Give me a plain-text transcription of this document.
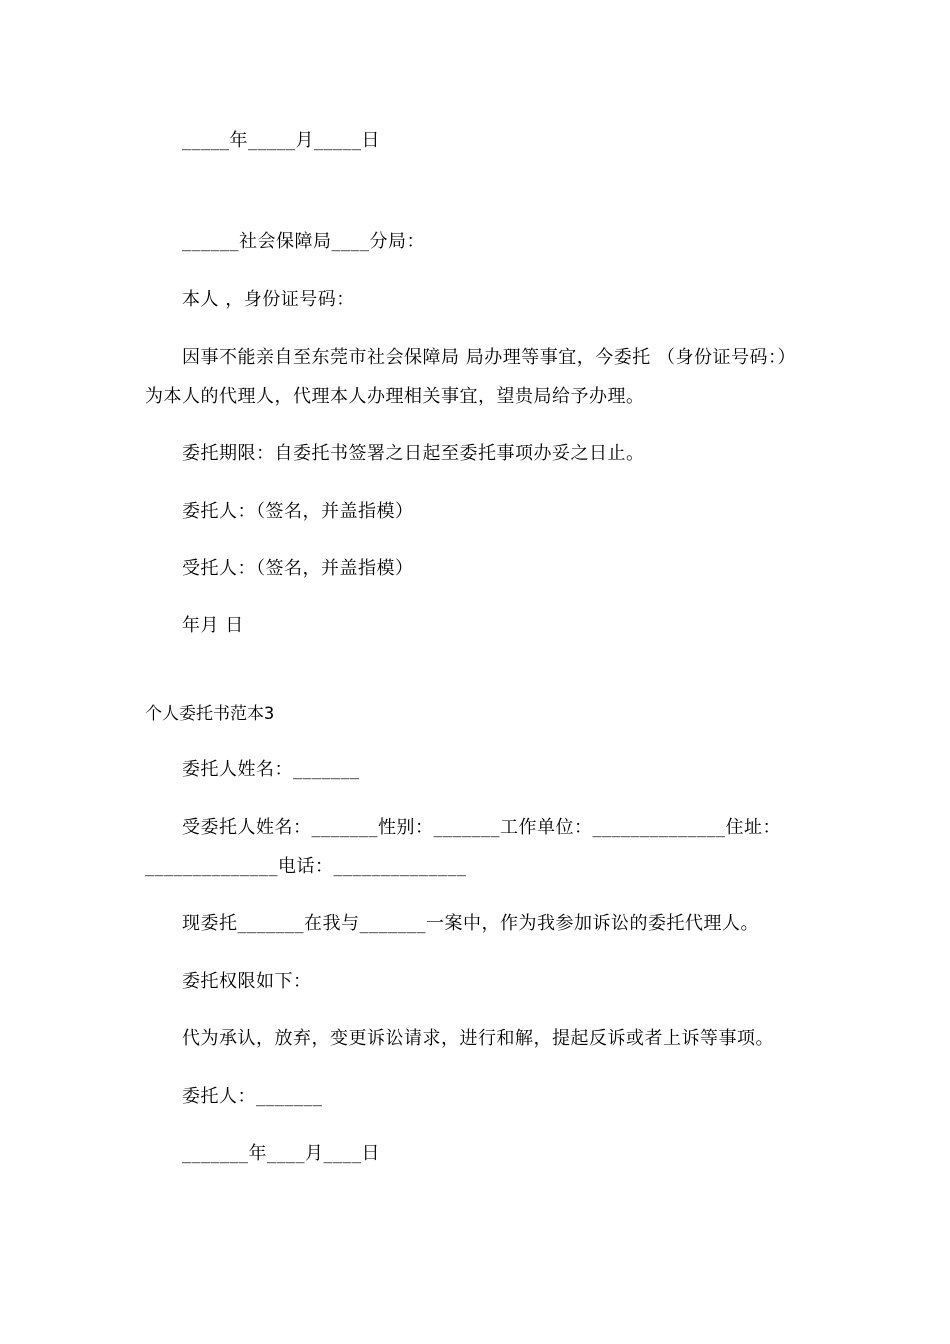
_____年_____月_____日
______社会保障局____分局：
本人 ，身份证号码：
因事不能亲自至东莞市社会保障局 局办理等事宜，今委托 （身份证号码：）
为本人的代理人，代理本人办理相关事宜，望贵局给予办理。
委托期限：自委托书签署之日起至委托事项办妥之日止。
委托人：（签名，并盖指模）
受托人：（签名，并盖指模）
年月 日
个人委托书范本3
委托人姓名：_______
受委托人姓名：_______性别：_______工作单位：______________住址：
______________电话：______________
现委托_______在我与_______一案中，作为我参加诉讼的委托代理人。
委托权限如下：
代为承认，放弃，变更诉讼请求，进行和解，提起反诉或者上诉等事项。
委托人：_______
_______年____月____日
